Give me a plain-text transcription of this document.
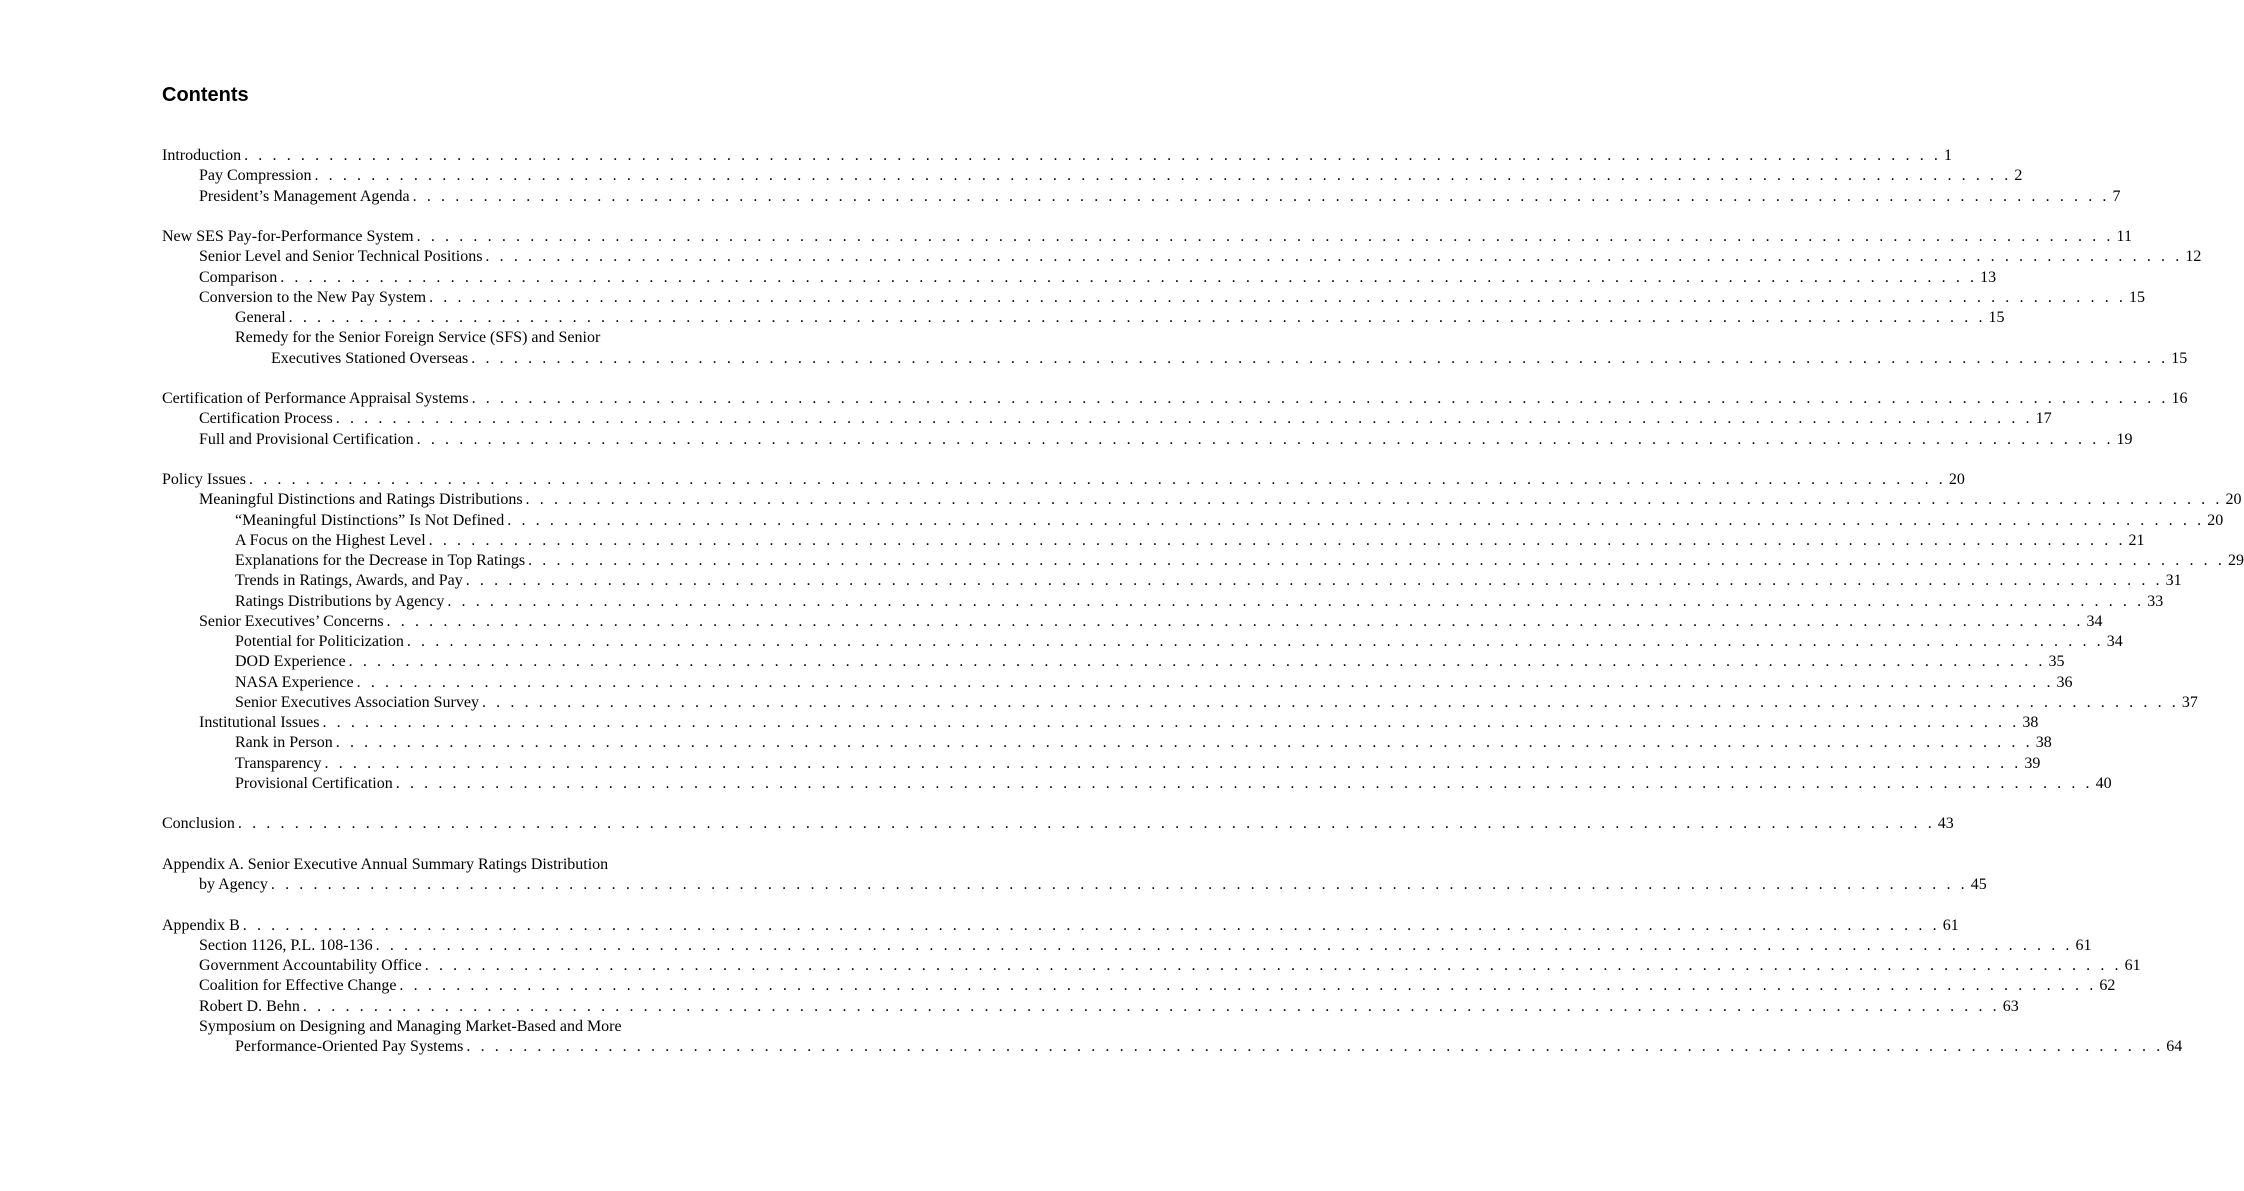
Contents
Introduction . . . . . . . . . . . . . . . . . . . . . . . . . . . . . . . . . . . . . . . . . . . . . . . . . . . . . . . . . . . . . . . . . . . . . . . . . . . . . . . . . . . . . . . . . . . . . . . . . . . . . . . . . . . . . . . . . . . . . . . . 1
Pay Compression . . . . . . . . . . . . . . . . . . . . . . . . . . . . . . . . . . . . . . . . . . . . . . . . . . . . . . . . . . . . . . . . . . . . . . . . . . . . . . . . . . . . . . . . . . . . . . . . . . . . . . . . . . . . . . . . . . . . . . . . 2
President’s Management Agenda . . . . . . . . . . . . . . . . . . . . . . . . . . . . . . . . . . . . . . . . . . . . . . . . . . . . . . . . . . . . . . . . . . . . . . . . . . . . . . . . . . . . . . . . . . . . . . . . . . . . . . . . . . . . . . . . . . . . . . . . 7
New SES Pay-for-Performance System . . . . . . . . . . . . . . . . . . . . . . . . . . . . . . . . . . . . . . . . . . . . . . . . . . . . . . . . . . . . . . . . . . . . . . . . . . . . . . . . . . . . . . . . . . . . . . . . . . . . . . . . . . . . . . . . . . . . . . . . 11
Senior Level and Senior Technical Positions . . . . . . . . . . . . . . . . . . . . . . . . . . . . . . . . . . . . . . . . . . . . . . . . . . . . . . . . . . . . . . . . . . . . . . . . . . . . . . . . . . . . . . . . . . . . . . . . . . . . . . . . . . . . . . . . . . . . . . . . 12
Comparison . . . . . . . . . . . . . . . . . . . . . . . . . . . . . . . . . . . . . . . . . . . . . . . . . . . . . . . . . . . . . . . . . . . . . . . . . . . . . . . . . . . . . . . . . . . . . . . . . . . . . . . . . . . . . . . . . . . . . . . . 13
Conversion to the New Pay System . . . . . . . . . . . . . . . . . . . . . . . . . . . . . . . . . . . . . . . . . . . . . . . . . . . . . . . . . . . . . . . . . . . . . . . . . . . . . . . . . . . . . . . . . . . . . . . . . . . . . . . . . . . . . . . . . . . . . . . . 15
General . . . . . . . . . . . . . . . . . . . . . . . . . . . . . . . . . . . . . . . . . . . . . . . . . . . . . . . . . . . . . . . . . . . . . . . . . . . . . . . . . . . . . . . . . . . . . . . . . . . . . . . . . . . . . . . . . . . . . . . . 15
Remedy for the Senior Foreign Service (SFS) and Senior
Executives Stationed Overseas . . . . . . . . . . . . . . . . . . . . . . . . . . . . . . . . . . . . . . . . . . . . . . . . . . . . . . . . . . . . . . . . . . . . . . . . . . . . . . . . . . . . . . . . . . . . . . . . . . . . . . . . . . . . . . . . . . . . . . . . 15
Certification of Performance Appraisal Systems . . . . . . . . . . . . . . . . . . . . . . . . . . . . . . . . . . . . . . . . . . . . . . . . . . . . . . . . . . . . . . . . . . . . . . . . . . . . . . . . . . . . . . . . . . . . . . . . . . . . . . . . . . . . . . . . . . . . . . . . 16
Certification Process . . . . . . . . . . . . . . . . . . . . . . . . . . . . . . . . . . . . . . . . . . . . . . . . . . . . . . . . . . . . . . . . . . . . . . . . . . . . . . . . . . . . . . . . . . . . . . . . . . . . . . . . . . . . . . . . . . . . . . . . 17
Full and Provisional Certification . . . . . . . . . . . . . . . . . . . . . . . . . . . . . . . . . . . . . . . . . . . . . . . . . . . . . . . . . . . . . . . . . . . . . . . . . . . . . . . . . . . . . . . . . . . . . . . . . . . . . . . . . . . . . . . . . . . . . . . . 19
Policy Issues . . . . . . . . . . . . . . . . . . . . . . . . . . . . . . . . . . . . . . . . . . . . . . . . . . . . . . . . . . . . . . . . . . . . . . . . . . . . . . . . . . . . . . . . . . . . . . . . . . . . . . . . . . . . . . . . . . . . . . . . 20
Meaningful Distinctions and Ratings Distributions . . . . . . . . . . . . . . . . . . . . . . . . . . . . . . . . . . . . . . . . . . . . . . . . . . . . . . . . . . . . . . . . . . . . . . . . . . . . . . . . . . . . . . . . . . . . . . . . . . . . . . . . . . . . . . . . . . . . . . . . 20
“Meaningful Distinctions” Is Not Defined . . . . . . . . . . . . . . . . . . . . . . . . . . . . . . . . . . . . . . . . . . . . . . . . . . . . . . . . . . . . . . . . . . . . . . . . . . . . . . . . . . . . . . . . . . . . . . . . . . . . . . . . . . . . . . . . . . . . . . . . 20
A Focus on the Highest Level . . . . . . . . . . . . . . . . . . . . . . . . . . . . . . . . . . . . . . . . . . . . . . . . . . . . . . . . . . . . . . . . . . . . . . . . . . . . . . . . . . . . . . . . . . . . . . . . . . . . . . . . . . . . . . . . . . . . . . . . 21
Explanations for the Decrease in Top Ratings . . . . . . . . . . . . . . . . . . . . . . . . . . . . . . . . . . . . . . . . . . . . . . . . . . . . . . . . . . . . . . . . . . . . . . . . . . . . . . . . . . . . . . . . . . . . . . . . . . . . . . . . . . . . . . . . . . . . . . . . 29
Trends in Ratings, Awards, and Pay . . . . . . . . . . . . . . . . . . . . . . . . . . . . . . . . . . . . . . . . . . . . . . . . . . . . . . . . . . . . . . . . . . . . . . . . . . . . . . . . . . . . . . . . . . . . . . . . . . . . . . . . . . . . . . . . . . . . . . . . 31
Ratings Distributions by Agency . . . . . . . . . . . . . . . . . . . . . . . . . . . . . . . . . . . . . . . . . . . . . . . . . . . . . . . . . . . . . . . . . . . . . . . . . . . . . . . . . . . . . . . . . . . . . . . . . . . . . . . . . . . . . . . . . . . . . . . . 33
Senior Executives’ Concerns . . . . . . . . . . . . . . . . . . . . . . . . . . . . . . . . . . . . . . . . . . . . . . . . . . . . . . . . . . . . . . . . . . . . . . . . . . . . . . . . . . . . . . . . . . . . . . . . . . . . . . . . . . . . . . . . . . . . . . . . 34
Potential for Politicization . . . . . . . . . . . . . . . . . . . . . . . . . . . . . . . . . . . . . . . . . . . . . . . . . . . . . . . . . . . . . . . . . . . . . . . . . . . . . . . . . . . . . . . . . . . . . . . . . . . . . . . . . . . . . . . . . . . . . . . . 34
DOD Experience . . . . . . . . . . . . . . . . . . . . . . . . . . . . . . . . . . . . . . . . . . . . . . . . . . . . . . . . . . . . . . . . . . . . . . . . . . . . . . . . . . . . . . . . . . . . . . . . . . . . . . . . . . . . . . . . . . . . . . . . 35
NASA Experience . . . . . . . . . . . . . . . . . . . . . . . . . . . . . . . . . . . . . . . . . . . . . . . . . . . . . . . . . . . . . . . . . . . . . . . . . . . . . . . . . . . . . . . . . . . . . . . . . . . . . . . . . . . . . . . . . . . . . . . . 36
Senior Executives Association Survey . . . . . . . . . . . . . . . . . . . . . . . . . . . . . . . . . . . . . . . . . . . . . . . . . . . . . . . . . . . . . . . . . . . . . . . . . . . . . . . . . . . . . . . . . . . . . . . . . . . . . . . . . . . . . . . . . . . . . . . . 37
Institutional Issues . . . . . . . . . . . . . . . . . . . . . . . . . . . . . . . . . . . . . . . . . . . . . . . . . . . . . . . . . . . . . . . . . . . . . . . . . . . . . . . . . . . . . . . . . . . . . . . . . . . . . . . . . . . . . . . . . . . . . . . . 38
Rank in Person . . . . . . . . . . . . . . . . . . . . . . . . . . . . . . . . . . . . . . . . . . . . . . . . . . . . . . . . . . . . . . . . . . . . . . . . . . . . . . . . . . . . . . . . . . . . . . . . . . . . . . . . . . . . . . . . . . . . . . . . 38
Transparency . . . . . . . . . . . . . . . . . . . . . . . . . . . . . . . . . . . . . . . . . . . . . . . . . . . . . . . . . . . . . . . . . . . . . . . . . . . . . . . . . . . . . . . . . . . . . . . . . . . . . . . . . . . . . . . . . . . . . . . . 39
Provisional Certification . . . . . . . . . . . . . . . . . . . . . . . . . . . . . . . . . . . . . . . . . . . . . . . . . . . . . . . . . . . . . . . . . . . . . . . . . . . . . . . . . . . . . . . . . . . . . . . . . . . . . . . . . . . . . . . . . . . . . . . . 40
Conclusion . . . . . . . . . . . . . . . . . . . . . . . . . . . . . . . . . . . . . . . . . . . . . . . . . . . . . . . . . . . . . . . . . . . . . . . . . . . . . . . . . . . . . . . . . . . . . . . . . . . . . . . . . . . . . . . . . . . . . . . . 43
Appendix A. Senior Executive Annual Summary Ratings Distribution
by Agency . . . . . . . . . . . . . . . . . . . . . . . . . . . . . . . . . . . . . . . . . . . . . . . . . . . . . . . . . . . . . . . . . . . . . . . . . . . . . . . . . . . . . . . . . . . . . . . . . . . . . . . . . . . . . . . . . . . . . . . . 45
Appendix B . . . . . . . . . . . . . . . . . . . . . . . . . . . . . . . . . . . . . . . . . . . . . . . . . . . . . . . . . . . . . . . . . . . . . . . . . . . . . . . . . . . . . . . . . . . . . . . . . . . . . . . . . . . . . . . . . . . . . . . . 61
Section 1126, P.L. 108-136 . . . . . . . . . . . . . . . . . . . . . . . . . . . . . . . . . . . . . . . . . . . . . . . . . . . . . . . . . . . . . . . . . . . . . . . . . . . . . . . . . . . . . . . . . . . . . . . . . . . . . . . . . . . . . . . . . . . . . . . . 61
Government Accountability Office . . . . . . . . . . . . . . . . . . . . . . . . . . . . . . . . . . . . . . . . . . . . . . . . . . . . . . . . . . . . . . . . . . . . . . . . . . . . . . . . . . . . . . . . . . . . . . . . . . . . . . . . . . . . . . . . . . . . . . . . 61
Coalition for Effective Change . . . . . . . . . . . . . . . . . . . . . . . . . . . . . . . . . . . . . . . . . . . . . . . . . . . . . . . . . . . . . . . . . . . . . . . . . . . . . . . . . . . . . . . . . . . . . . . . . . . . . . . . . . . . . . . . . . . . . . . . 62
Robert D. Behn . . . . . . . . . . . . . . . . . . . . . . . . . . . . . . . . . . . . . . . . . . . . . . . . . . . . . . . . . . . . . . . . . . . . . . . . . . . . . . . . . . . . . . . . . . . . . . . . . . . . . . . . . . . . . . . . . . . . . . . . 63
Symposium on Designing and Managing Market-Based and More
Performance-Oriented Pay Systems . . . . . . . . . . . . . . . . . . . . . . . . . . . . . . . . . . . . . . . . . . . . . . . . . . . . . . . . . . . . . . . . . . . . . . . . . . . . . . . . . . . . . . . . . . . . . . . . . . . . . . . . . . . . . . . . . . . . . . . . 64
